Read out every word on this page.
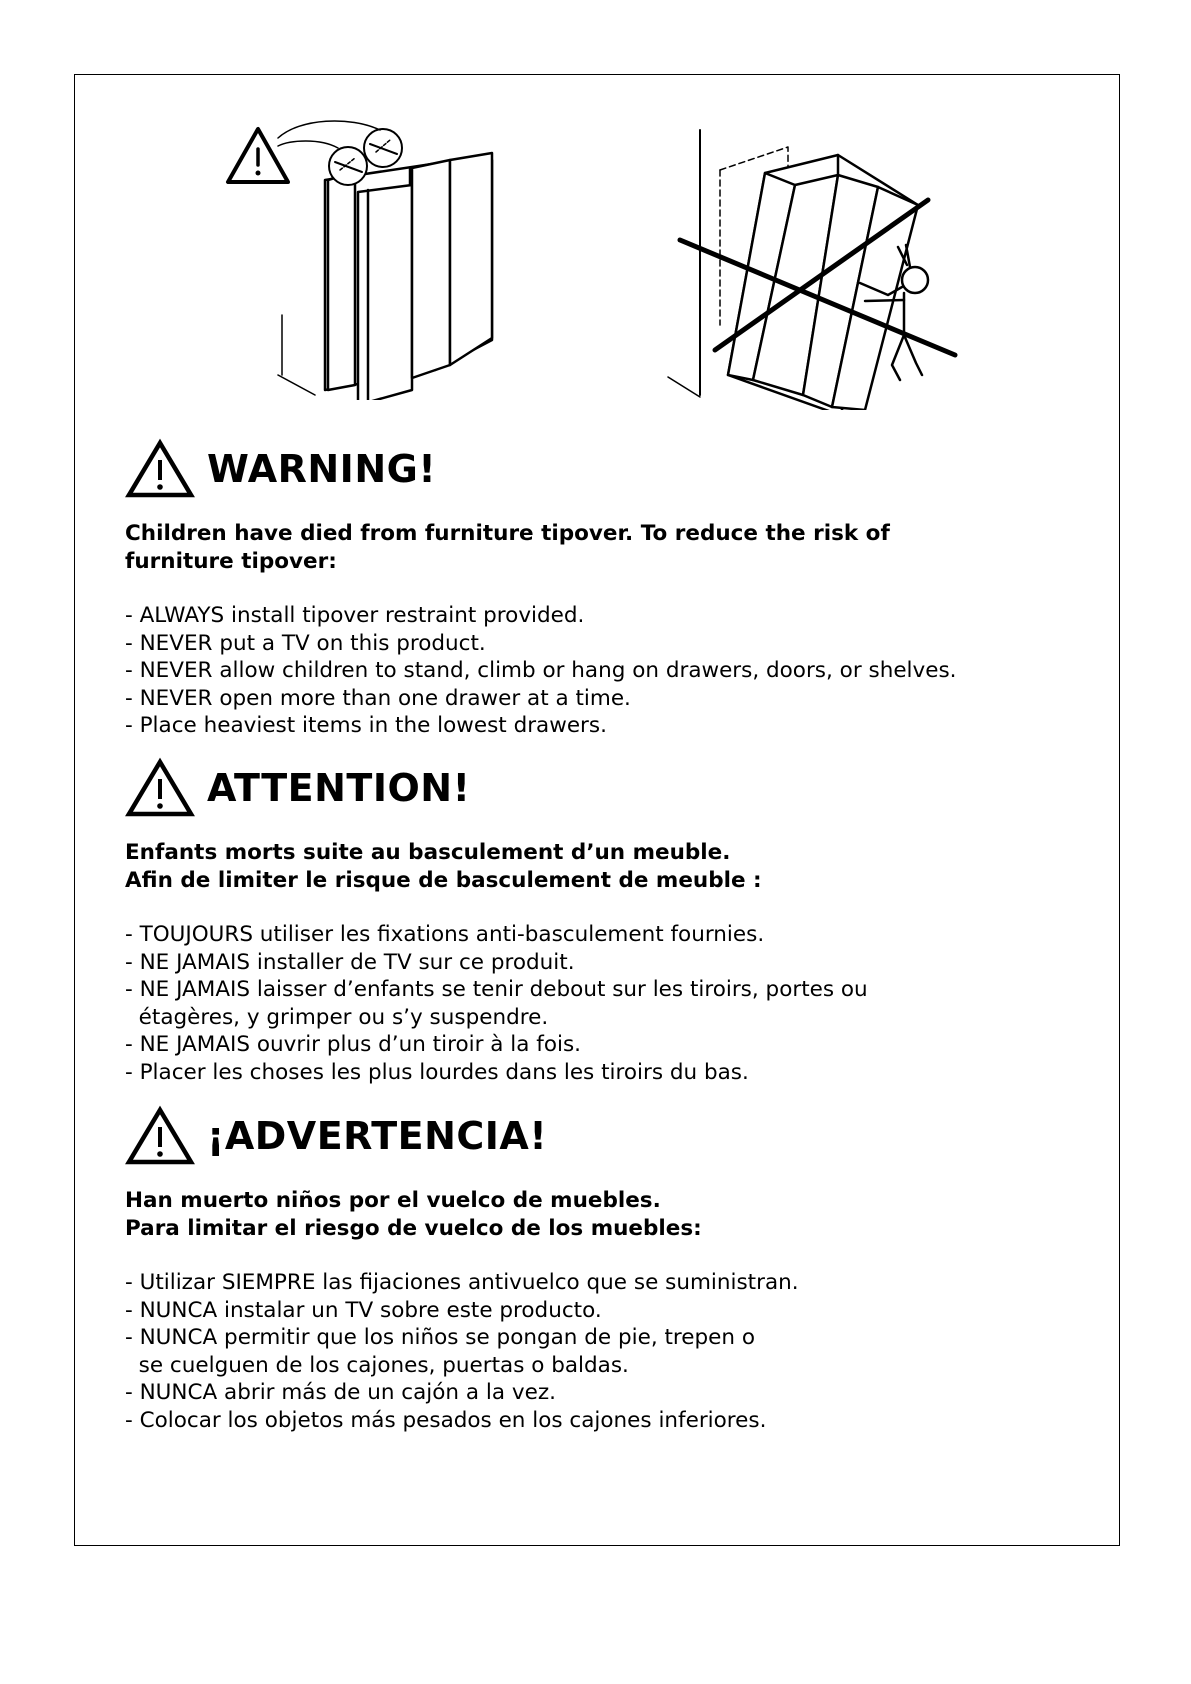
WARNING!
Children have died from furniture tipover. To reduce the risk of
furniture tipover:
- ALWAYS install tipover restraint provided.
- NEVER put a TV on this product.
- NEVER allow children to stand, climb or hang on drawers, doors, or shelves.
- NEVER open more than one drawer at a time.
- Place heaviest items in the lowest drawers.
ATTENTION!
Enfants morts suite au basculement d’un meuble.
Afin de limiter le risque de basculement de meuble :
- TOUJOURS utiliser les fixations anti-basculement fournies.
- NE JAMAIS installer de TV sur ce produit.
- NE JAMAIS laisser d’enfants se tenir debout sur les tiroirs, portes ou
étagères, y grimper ou s’y suspendre.
- NE JAMAIS ouvrir plus d’un tiroir à la fois.
- Placer les choses les plus lourdes dans les tiroirs du bas.
¡ADVERTENCIA!
Han muerto niños por el vuelco de muebles.
Para limitar el riesgo de vuelco de los muebles:
- Utilizar SIEMPRE las fijaciones antivuelco que se suministran.
- NUNCA instalar un TV sobre este producto.
- NUNCA permitir que los niños se pongan de pie, trepen o
se cuelguen de los cajones, puertas o baldas.
- NUNCA abrir más de un cajón a la vez.
- Colocar los objetos más pesados en los cajones inferiores.
